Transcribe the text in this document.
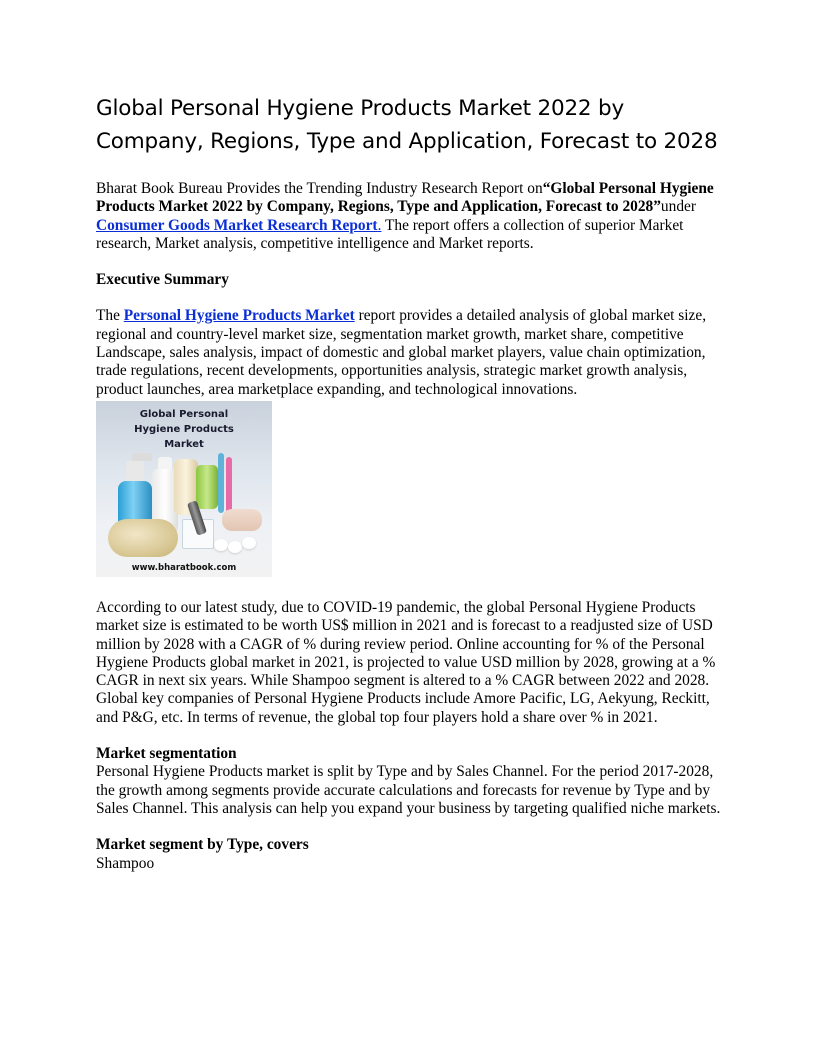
Global Personal Hygiene Products Market 2022 by Company, Regions, Type and Application, Forecast to 2028

Bharat Book Bureau Provides the Trending Industry Research Report on“Global Personal Hygiene Products Market 2022 by Company, Regions, Type and Application, Forecast to 2028”under Consumer Goods Market Research Report. The report offers a collection of superior Market research, Market analysis, competitive intelligence and Market reports.

Executive Summary

The Personal Hygiene Products Market report provides a detailed analysis of global market size, regional and country-level market size, segmentation market growth, market share, competitive Landscape, sales analysis, impact of domestic and global market players, value chain optimization, trade regulations, recent developments, opportunities analysis, strategic market growth analysis, product launches, area marketplace expanding, and technological innovations.

Global Personal Hygiene Products Market
www.bharatbook.com

According to our latest study, due to COVID-19 pandemic, the global Personal Hygiene Products market size is estimated to be worth US$ million in 2021 and is forecast to a readjusted size of USD million by 2028 with a CAGR of % during review period. Online accounting for % of the Personal Hygiene Products global market in 2021, is projected to value USD million by 2028, growing at a % CAGR in next six years. While Shampoo segment is altered to a % CAGR between 2022 and 2028.

Global key companies of Personal Hygiene Products include Amore Pacific, LG, Aekyung, Reckitt, and P&G, etc. In terms of revenue, the global top four players hold a share over % in 2021.

Market segmentation

Personal Hygiene Products market is split by Type and by Sales Channel. For the period 2017-2028, the growth among segments provide accurate calculations and forecasts for revenue by Type and by Sales Channel. This analysis can help you expand your business by targeting qualified niche markets.

Market segment by Type, covers

Shampoo
